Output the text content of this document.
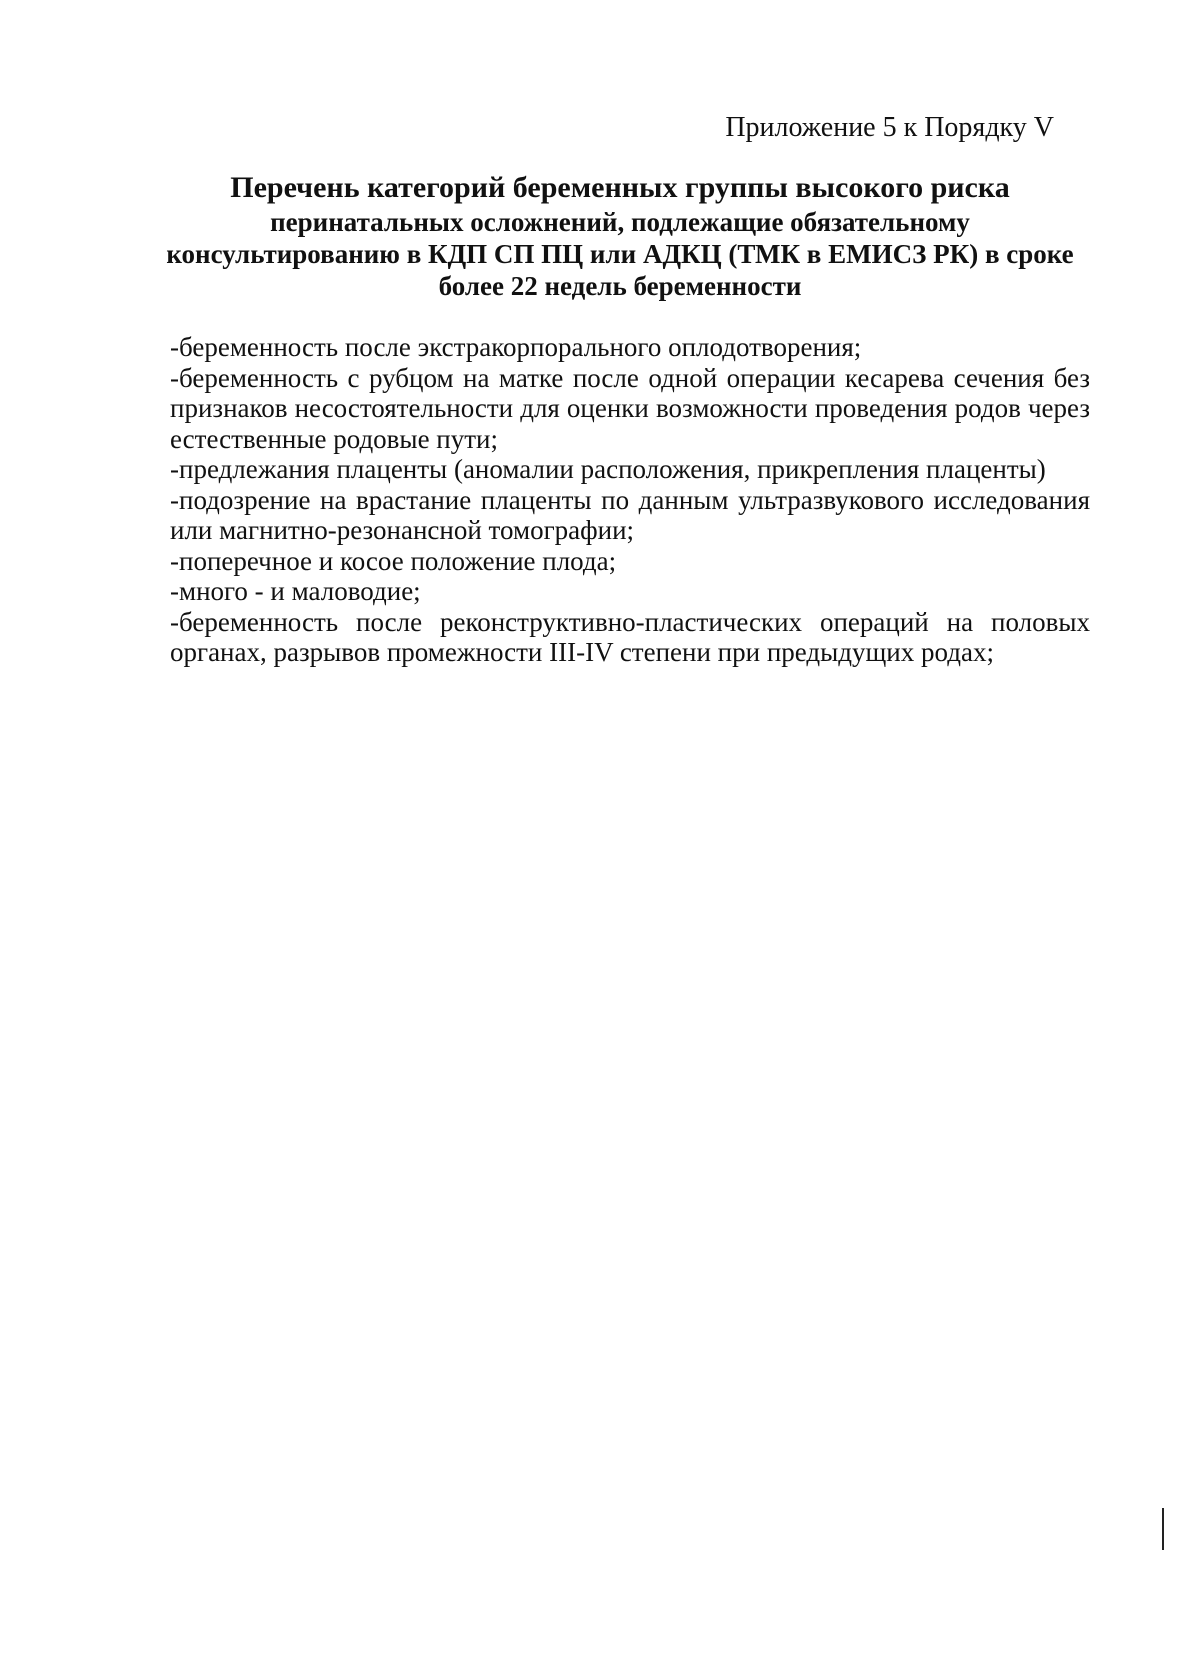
Приложение 5 к Порядку V
Перечень категорий беременных группы высокого риска
перинатальных осложнений, подлежащие обязательному консультированию в КДП СП ПЦ или АДКЦ (ТМК в ЕМИСЗ РК) в сроке более 22 недель беременности
-беременность после экстракорпорального оплодотворения;
-беременность с рубцом на матке после одной операции кесарева сечения без признаков несостоятельности для оценки возможности проведения родов через естественные родовые пути;
-предлежания плаценты (аномалии расположения, прикрепления плаценты)
-подозрение на врастание плаценты по данным ультразвукового исследования или магнитно-резонансной томографии;
-поперечное и косое положение плода;
-много - и маловодие;
-беременность после реконструктивно-пластических операций на половых органах, разрывов промежности III-IV степени при предыдущих родах;
